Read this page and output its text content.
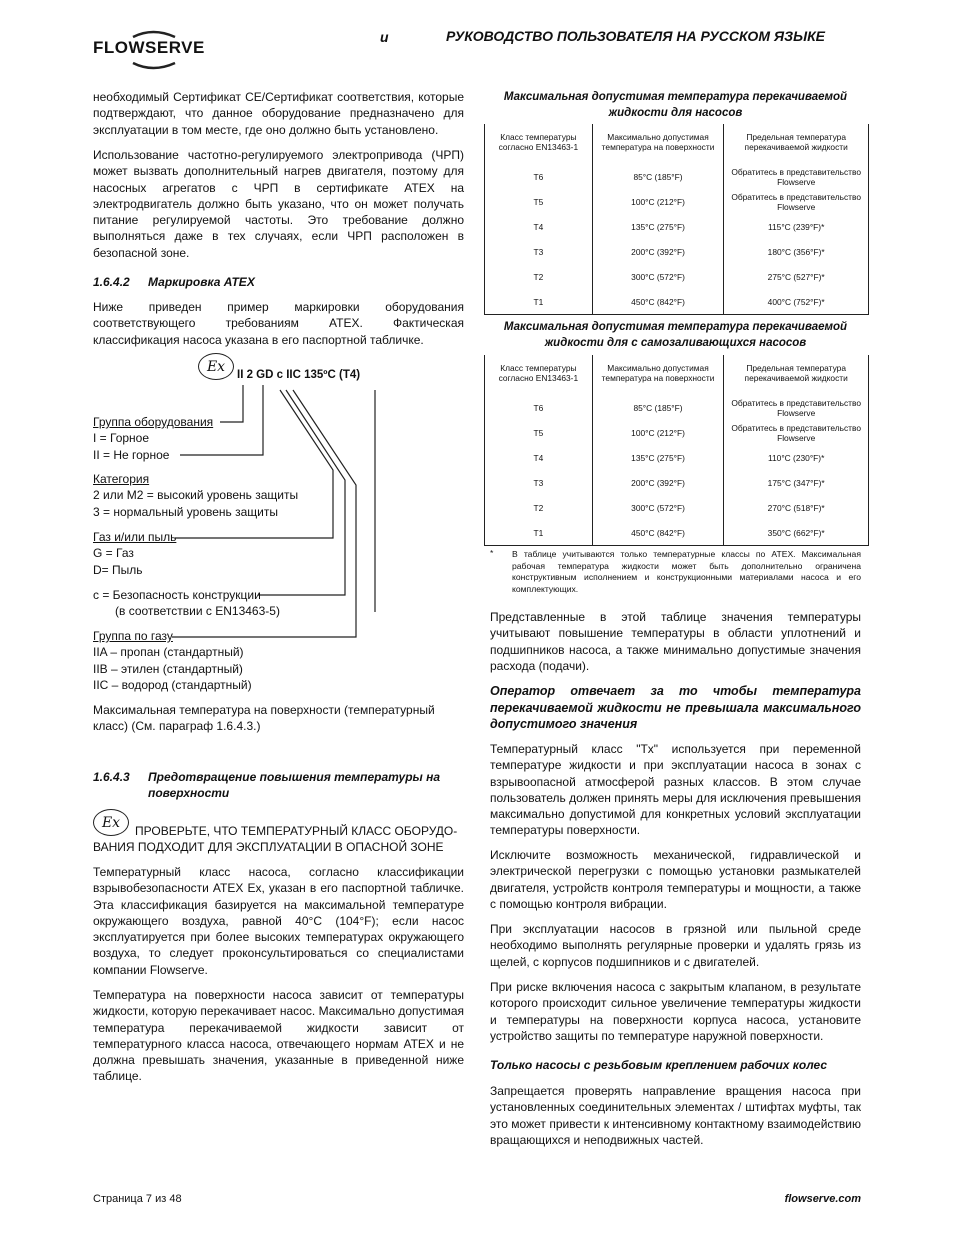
FLOWSERVE
и	РУКОВОДСТВО ПОЛЬЗОВАТЕЛЯ НА РУССКОМ ЯЗЫКЕ

необходимый Сертификат CE/Сертификат соответствия, которые подтверждают, что данное оборудование предназначено для эксплуатации в том месте, где оно должно быть установлено.

Использование частотно-регулируемого электропривода (ЧРП) может вызвать дополнительный нагрев двигателя, поэтому для насосных агрегатов с ЧРП в сертификате ATEX на электродвигатель должно быть указано, что он может получать питание регулируемой частоты. Это требование должно выполняться даже в тех случаях, если ЧРП расположен в безопасной зоне.

1.6.4.2 Маркировка ATEX

Ниже приведен пример маркировки оборудования соответствующего требованиям ATEX. Фактическая классификация насоса указана в его паспортной табличке.

Ex
II 2 GD c IIC 135ºC (T4)

Группа оборудования

I = Горное

II = Не горное

Категория

2 или M2 = высокий уровень защиты

3 = нормальный уровень защиты

Газ и/или пыль

G = Газ

D= Пыль

c = Безопасность конструкции

(в соответствии с EN13463-5)

Группа по газу

IIA – пропан (стандартный)

IIB – этилен (стандартный)

IIC – водород (стандартный)

Максимальная температура на поверхности (температурный класс) (См. параграф 1.6.4.3.)

1.6.4.3 Предотвращение повышения температуры на поверхности
Ex

ПРОВЕРЬТЕ, ЧТО ТЕМПЕРАТУРНЫЙ КЛАСС ОБОРУДО-ВАНИЯ ПОДХОДИТ ДЛЯ ЭКСПЛУАТАЦИИ В ОПАСНОЙ ЗОНЕ

Температурный класс насоса, согласно классификации взрывобезопасности ATEX Ex, указан в его паспортной табличке. Эта классификация базируется на максимальной температуре окружающего воздуха, равной 40°C (104°F); если насос эксплуатируется при более высоких температурах окружающего воздуха, то следует проконсультироваться со специалистами компании Flowserve.

Температура на поверхности насоса зависит от температуры жидкости, которую перекачивает насос. Максимально допустимая температура перекачиваемой жидкости зависит от температурного класса насоса, отвечающего нормам ATEX и не должна превышать значения, указанные в приведенной ниже таблице.

Максимальная допустимая температура перекачиваемой жидкости для насосов

Класс температуры согласно EN13463-1	Максимально допустимая температура на поверхности	Предельная температура перекачиваемой жидкости
T6	85°C (185°F)	Обратитесь в представительство Flowserve
T5	100°C (212°F)	Обратитесь в представительство Flowserve
T4	135°C (275°F)	115°C (239°F)*
T3	200°C (392°F)	180°C (356°F)*
T2	300°C (572°F)	275°C (527°F)*
T1	450°C (842°F)	400°C (752°F)*

Максимальная допустимая температура перекачиваемой жидкости для с самозаливающихся насосов

Класс температуры согласно EN13463-1	Максимально допустимая температура на поверхности	Предельная температура перекачиваемой жидкости
T6	85°C (185°F)	Обратитесь в представительство Flowserve
T5	100°C (212°F)	Обратитесь в представительство Flowserve
T4	135°C (275°F)	110°C (230°F)*
T3	200°C (392°F)	175°C (347°F)*
T2	300°C (572°F)	270°C (518°F)*
T1	450°C (842°F)	350°C (662°F)*
* В таблице учитываются только температурные классы по ATEX. Максимальная рабочая температура жидкости может быть дополнительно ограничена конструктивным исполнением и конструкционными материалами насоса и его комплектующих.

Представленные в этой таблице значения температуры учитывают повышение температуры в области уплотнений и подшипников насоса, а также минимально допустимые значения расхода (подачи).

Оператор отвечает за то чтобы температура перекачиваемой жидкости не превышала максимального допустимого значения

Температурный класс "Tx" используется при переменной температуре жидкости и при эксплуатации насоса в зонах с взрывоопасной атмосферой разных классов. В этом случае пользователь должен принять меры для исключения превышения максимально допустимой для конкретных условий эксплуатации температуры поверхности.

Исключите возможность механической, гидравлической и электрической перегрузки с помощью установки размыкателей двигателя, устройств контроля температуры и мощности, а также с помощью контроля вибрации.

При эксплуатации насосов в грязной или пыльной среде необходимо выполнять регулярные проверки и удалять грязь из щелей, с корпусов подшипников и с двигателей.

При риске включения насоса с закрытым клапаном, в результате которого происходит сильное увеличение температуры жидкости и температуры на поверхности корпуса насоса, установите устройство защиты по температуре наружной поверхности.

Только насосы с резьбовым креплением рабочих колес

Запрещается проверять направление вращения насоса при установленных соединительных элементах / штифтах муфты, так это может привести к интенсивному контактному взаимодействию вращающихся и неподвижных частей.

Страница 7 из 48	flowserve.com
